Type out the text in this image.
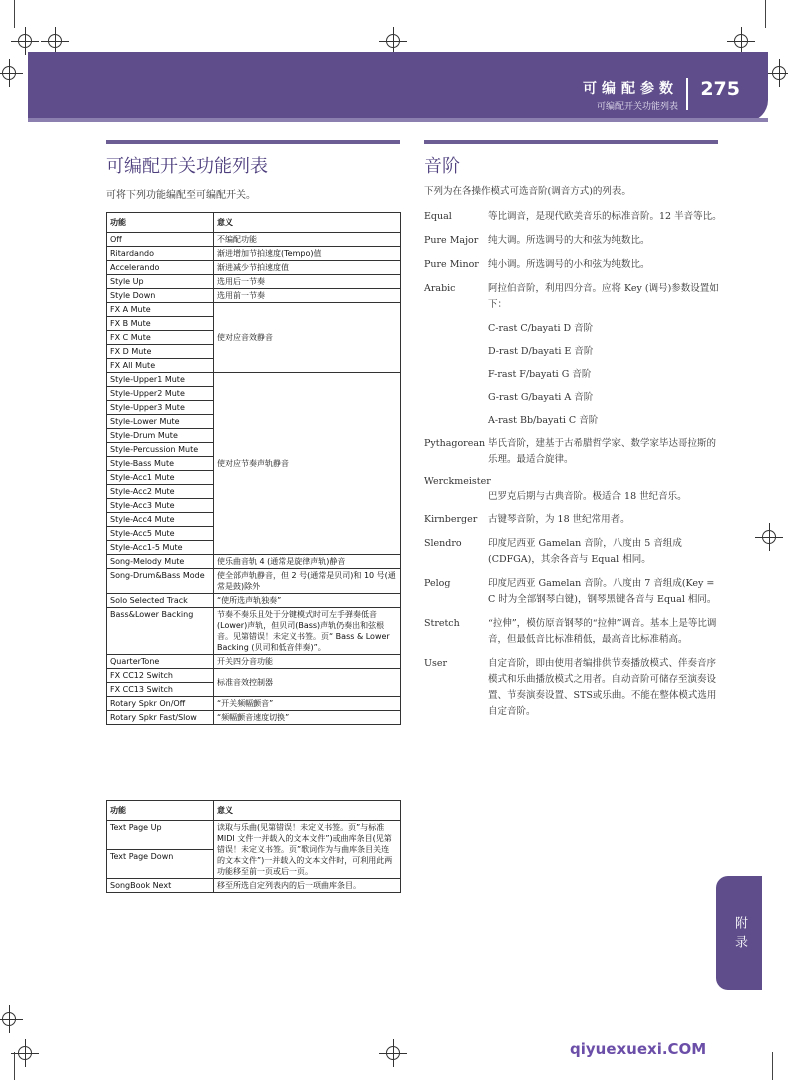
可编配参数
可编配开关功能列表
275
可编配开关功能列表
可将下列功能编配至可编配开关。
功能	意义
Off	不编配功能
Ritardando	渐进增加节拍速度(Tempo)值
Accelerando	渐进减少节拍速度值
Style Up	选用后一节奏
Style Down	选用前一节奏
FX A Mute	使对应音效静音
FX B Mute	
FX C Mute	
FX D Mute	
FX All Mute	
Style-Upper1 Mute	使对应节奏声轨静音
Style-Upper2 Mute	
Style-Upper3 Mute	
Style-Lower Mute	
Style-Drum Mute	
Style-Percussion Mute	
Style-Bass Mute	
Style-Acc1 Mute	
Style-Acc2 Mute	
Style-Acc3 Mute	
Style-Acc4 Mute	
Style-Acc5 Mute	
Style-Acc1-5 Mute	
Song-Melody Mute	使乐曲音轨 4 (通常是旋律声轨)静音
Song-Drum&Bass Mode	使全部声轨静音，但 2 号(通常是贝司)和 10 号(通常是鼓)除外
Solo Selected Track	“使所选声轨独奏”
Bass&Lower Backing	节奏不奏乐且处于分键模式时可左手弹奏低音(Lower)声轨，但贝司(Bass)声轨仍奏出和弦根音。见第错误！未定义书签。页“ Bass & Lower Backing (贝司和低音伴奏)”。
QuarterTone	开关四分音功能
FX CC12 Switch	标准音效控制器
FX CC13 Switch	
Rotary Spkr On/Off	“开关频幅颤音”
Rotary Spkr Fast/Slow	“频幅颤音速度切换”
功能	意义
Text Page Up	读取与乐曲(见第错误！未定义书签。页”与标准 MIDI 文件一并载入的文本文件”)或曲库条目(见第错误！未定义书签。页”歌词作为与曲库条目关连的文本文件”)一并载入的文本文件时，可利用此两功能移至前一页或后一页。
Text Page Down	
SongBook Next	移至所选自定列表内的后一项曲库条目。
音阶
下列为在各操作模式可选音阶(调音方式)的列表。
Equal	等比调音，是现代欧美音乐的标准音阶。12 半音等比。
Pure Major	纯大调。所选调号的大和弦为纯数比。
Pure Minor 纯小调。所选调号的小和弦为纯数比。
Arabic	阿拉伯音阶，利用四分音。应将 Key (调号)参数设置如下：
C-rast C/bayati D 音阶
D-rast D/bayati E 音阶
F-rast F/bayati G 音阶
G-rast G/bayati A 音阶
A-rast Bb/bayati C 音阶
Pythagorean 毕氏音阶，建基于古希腊哲学家、数学家毕达哥拉斯的乐理。最适合旋律。
Werckmeister
巴罗克后期与古典音阶。极适合 18 世纪音乐。
Kirnberger	古键琴音阶，为 18 世纪常用者。
Slendro	印度尼西亚 Gamelan 音阶，八度由 5 音组成(CDFGA)，其余各音与 Equal 相同。
Pelog	印度尼西亚 Gamelan 音阶。八度由 7 音组成(Key = C 时为全部钢琴白键)，钢琴黑键各音与 Equal 相同。
Stretch	“拉伸”，模仿原音钢琴的“拉伸”调音。基本上是等比调音，但最低音比标准稍低，最高音比标准稍高。
User	自定音阶，即由使用者编排供节奏播放模式、伴奏音序模式和乐曲播放模式之用者。自动音阶可储存至演奏设置、节奏演奏设置、STS或乐曲。不能在整体模式选用自定音阶。
附录
qiyuexuexi.COM
